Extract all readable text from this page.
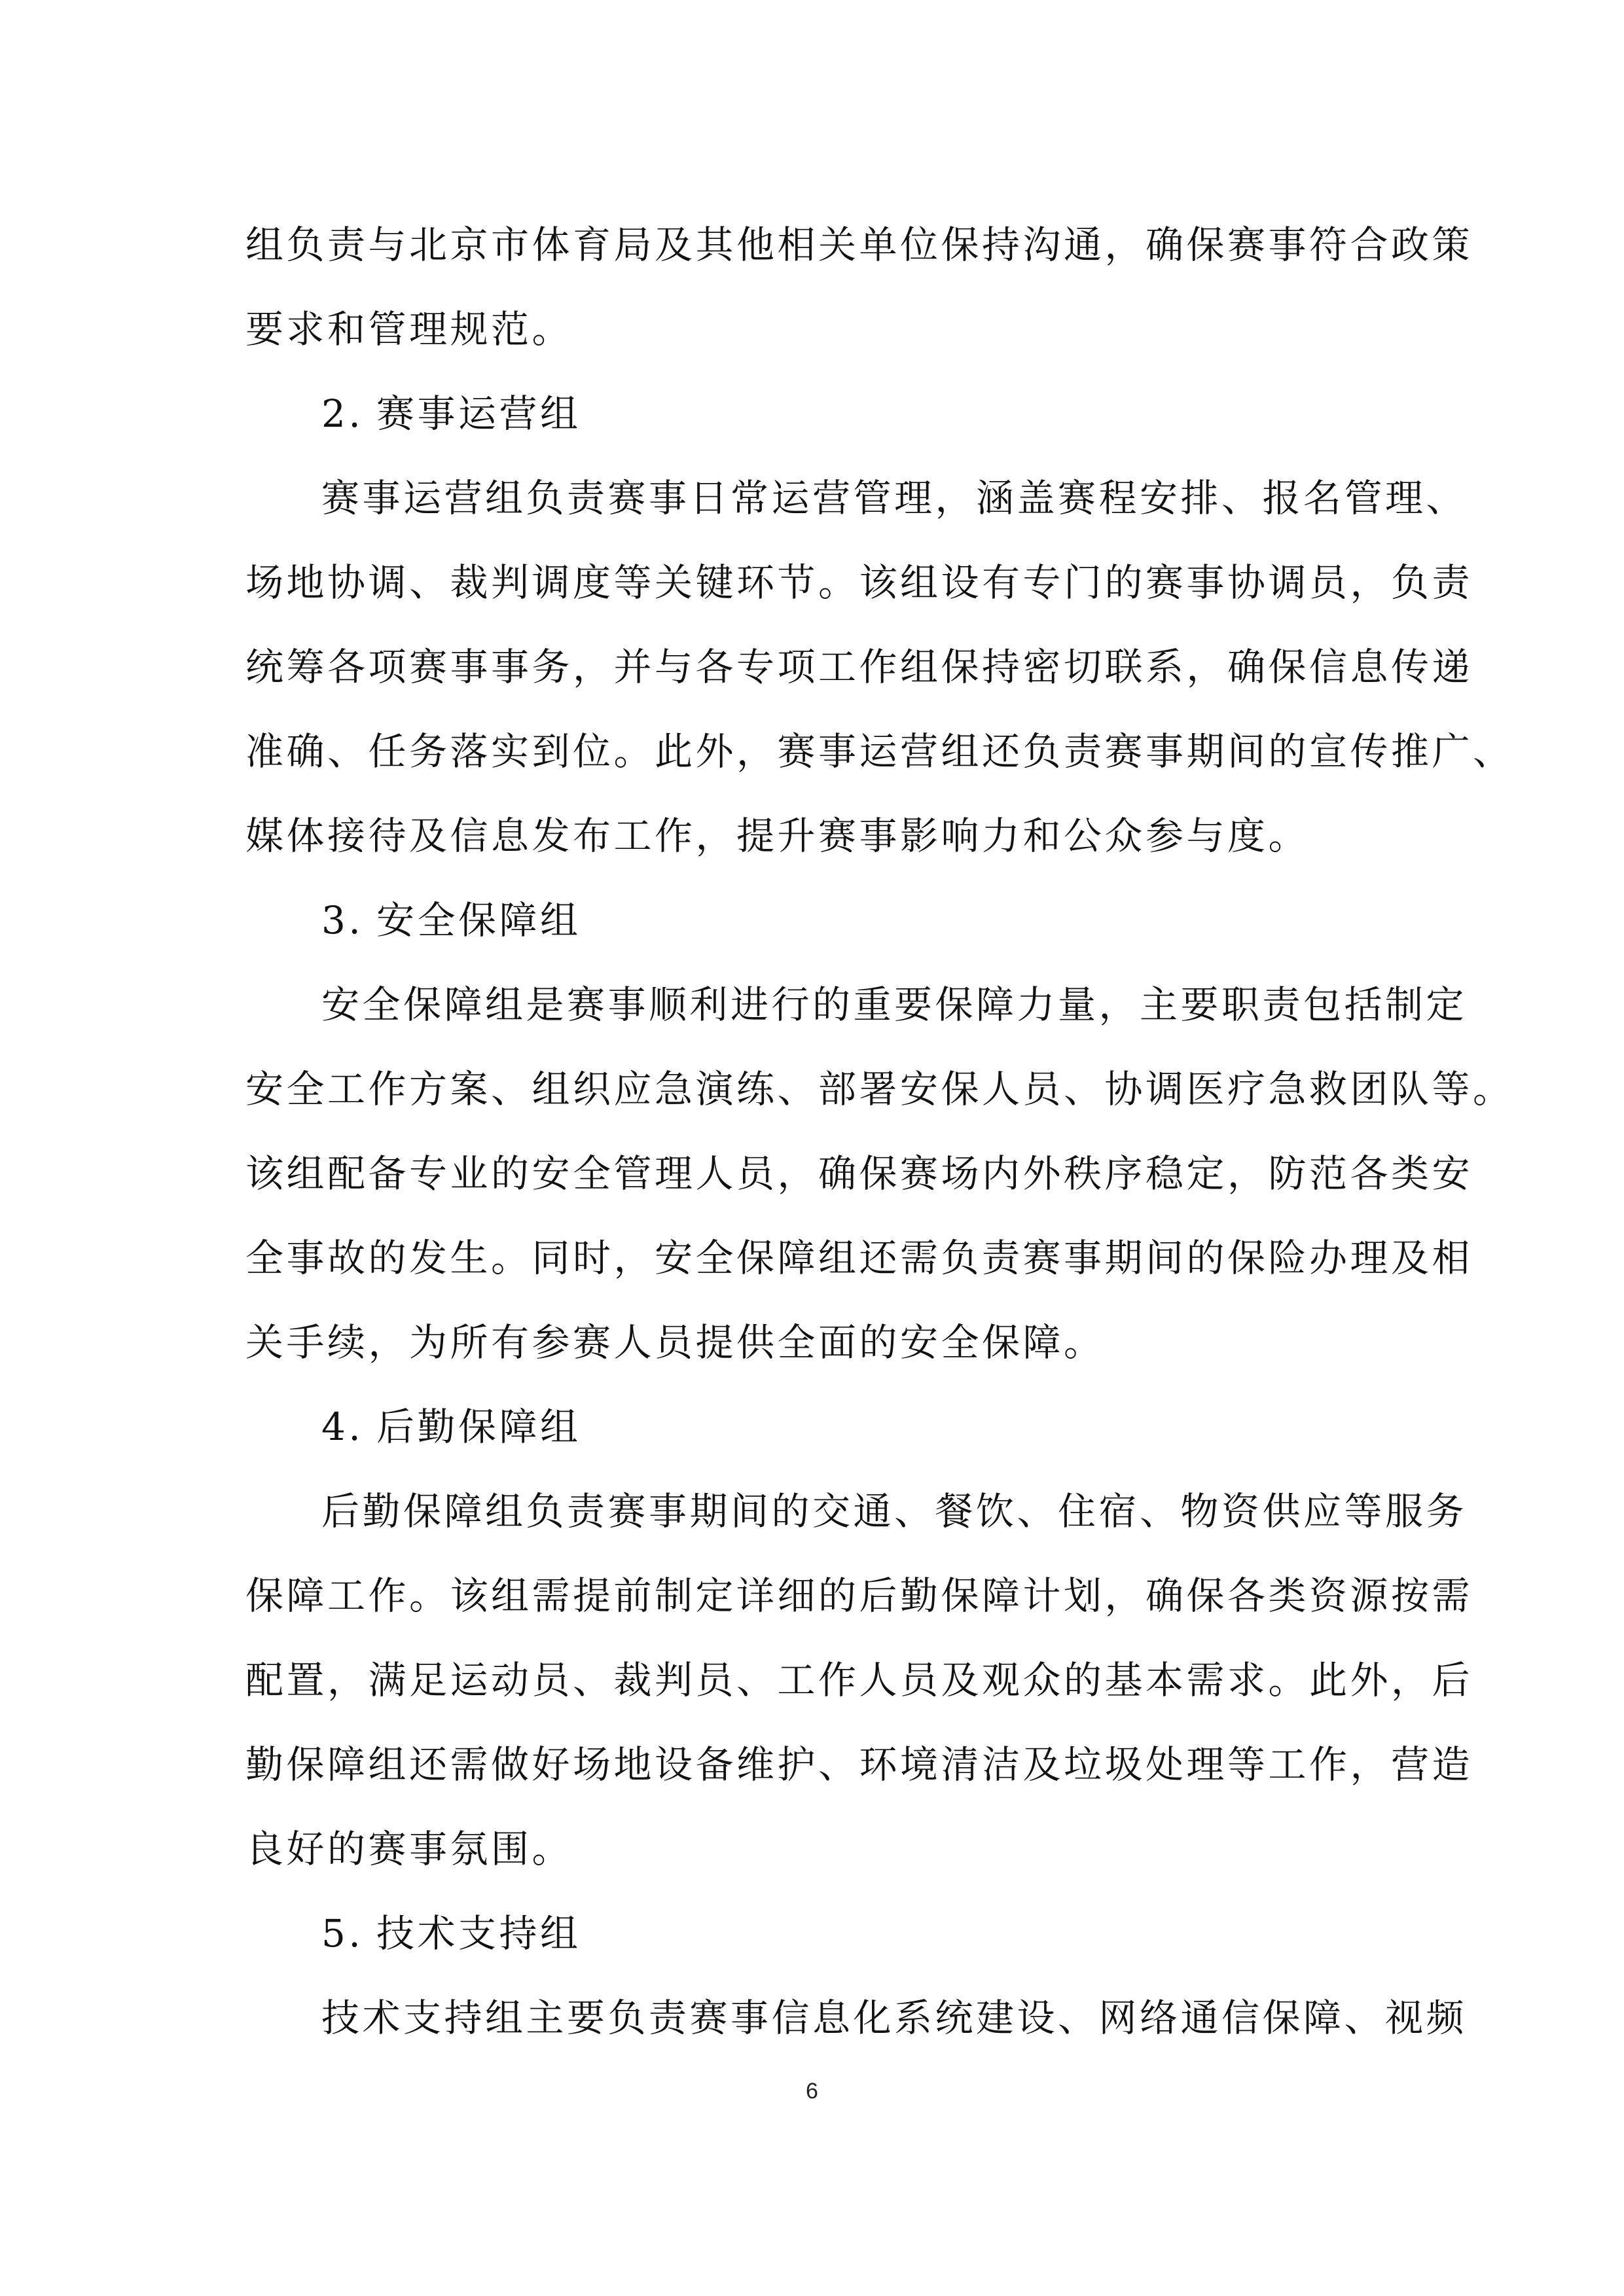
组负责与北京市体育局及其他相关单位保持沟通，确保赛事符合政策
要求和管理规范。
2. 赛事运营组
赛事运营组负责赛事日常运营管理，涵盖赛程安排、报名管理、
场地协调、裁判调度等关键环节。该组设有专门的赛事协调员，负责
统筹各项赛事事务，并与各专项工作组保持密切联系，确保信息传递
准确、任务落实到位。此外，赛事运营组还负责赛事期间的宣传推广、
媒体接待及信息发布工作，提升赛事影响力和公众参与度。
3. 安全保障组
安全保障组是赛事顺利进行的重要保障力量，主要职责包括制定
安全工作方案、组织应急演练、部署安保人员、协调医疗急救团队等。
该组配备专业的安全管理人员，确保赛场内外秩序稳定，防范各类安
全事故的发生。同时，安全保障组还需负责赛事期间的保险办理及相
关手续，为所有参赛人员提供全面的安全保障。
4. 后勤保障组
后勤保障组负责赛事期间的交通、餐饮、住宿、物资供应等服务
保障工作。该组需提前制定详细的后勤保障计划，确保各类资源按需
配置，满足运动员、裁判员、工作人员及观众的基本需求。此外，后
勤保障组还需做好场地设备维护、环境清洁及垃圾处理等工作，营造
良好的赛事氛围。
5. 技术支持组
技术支持组主要负责赛事信息化系统建设、网络通信保障、视频
6
